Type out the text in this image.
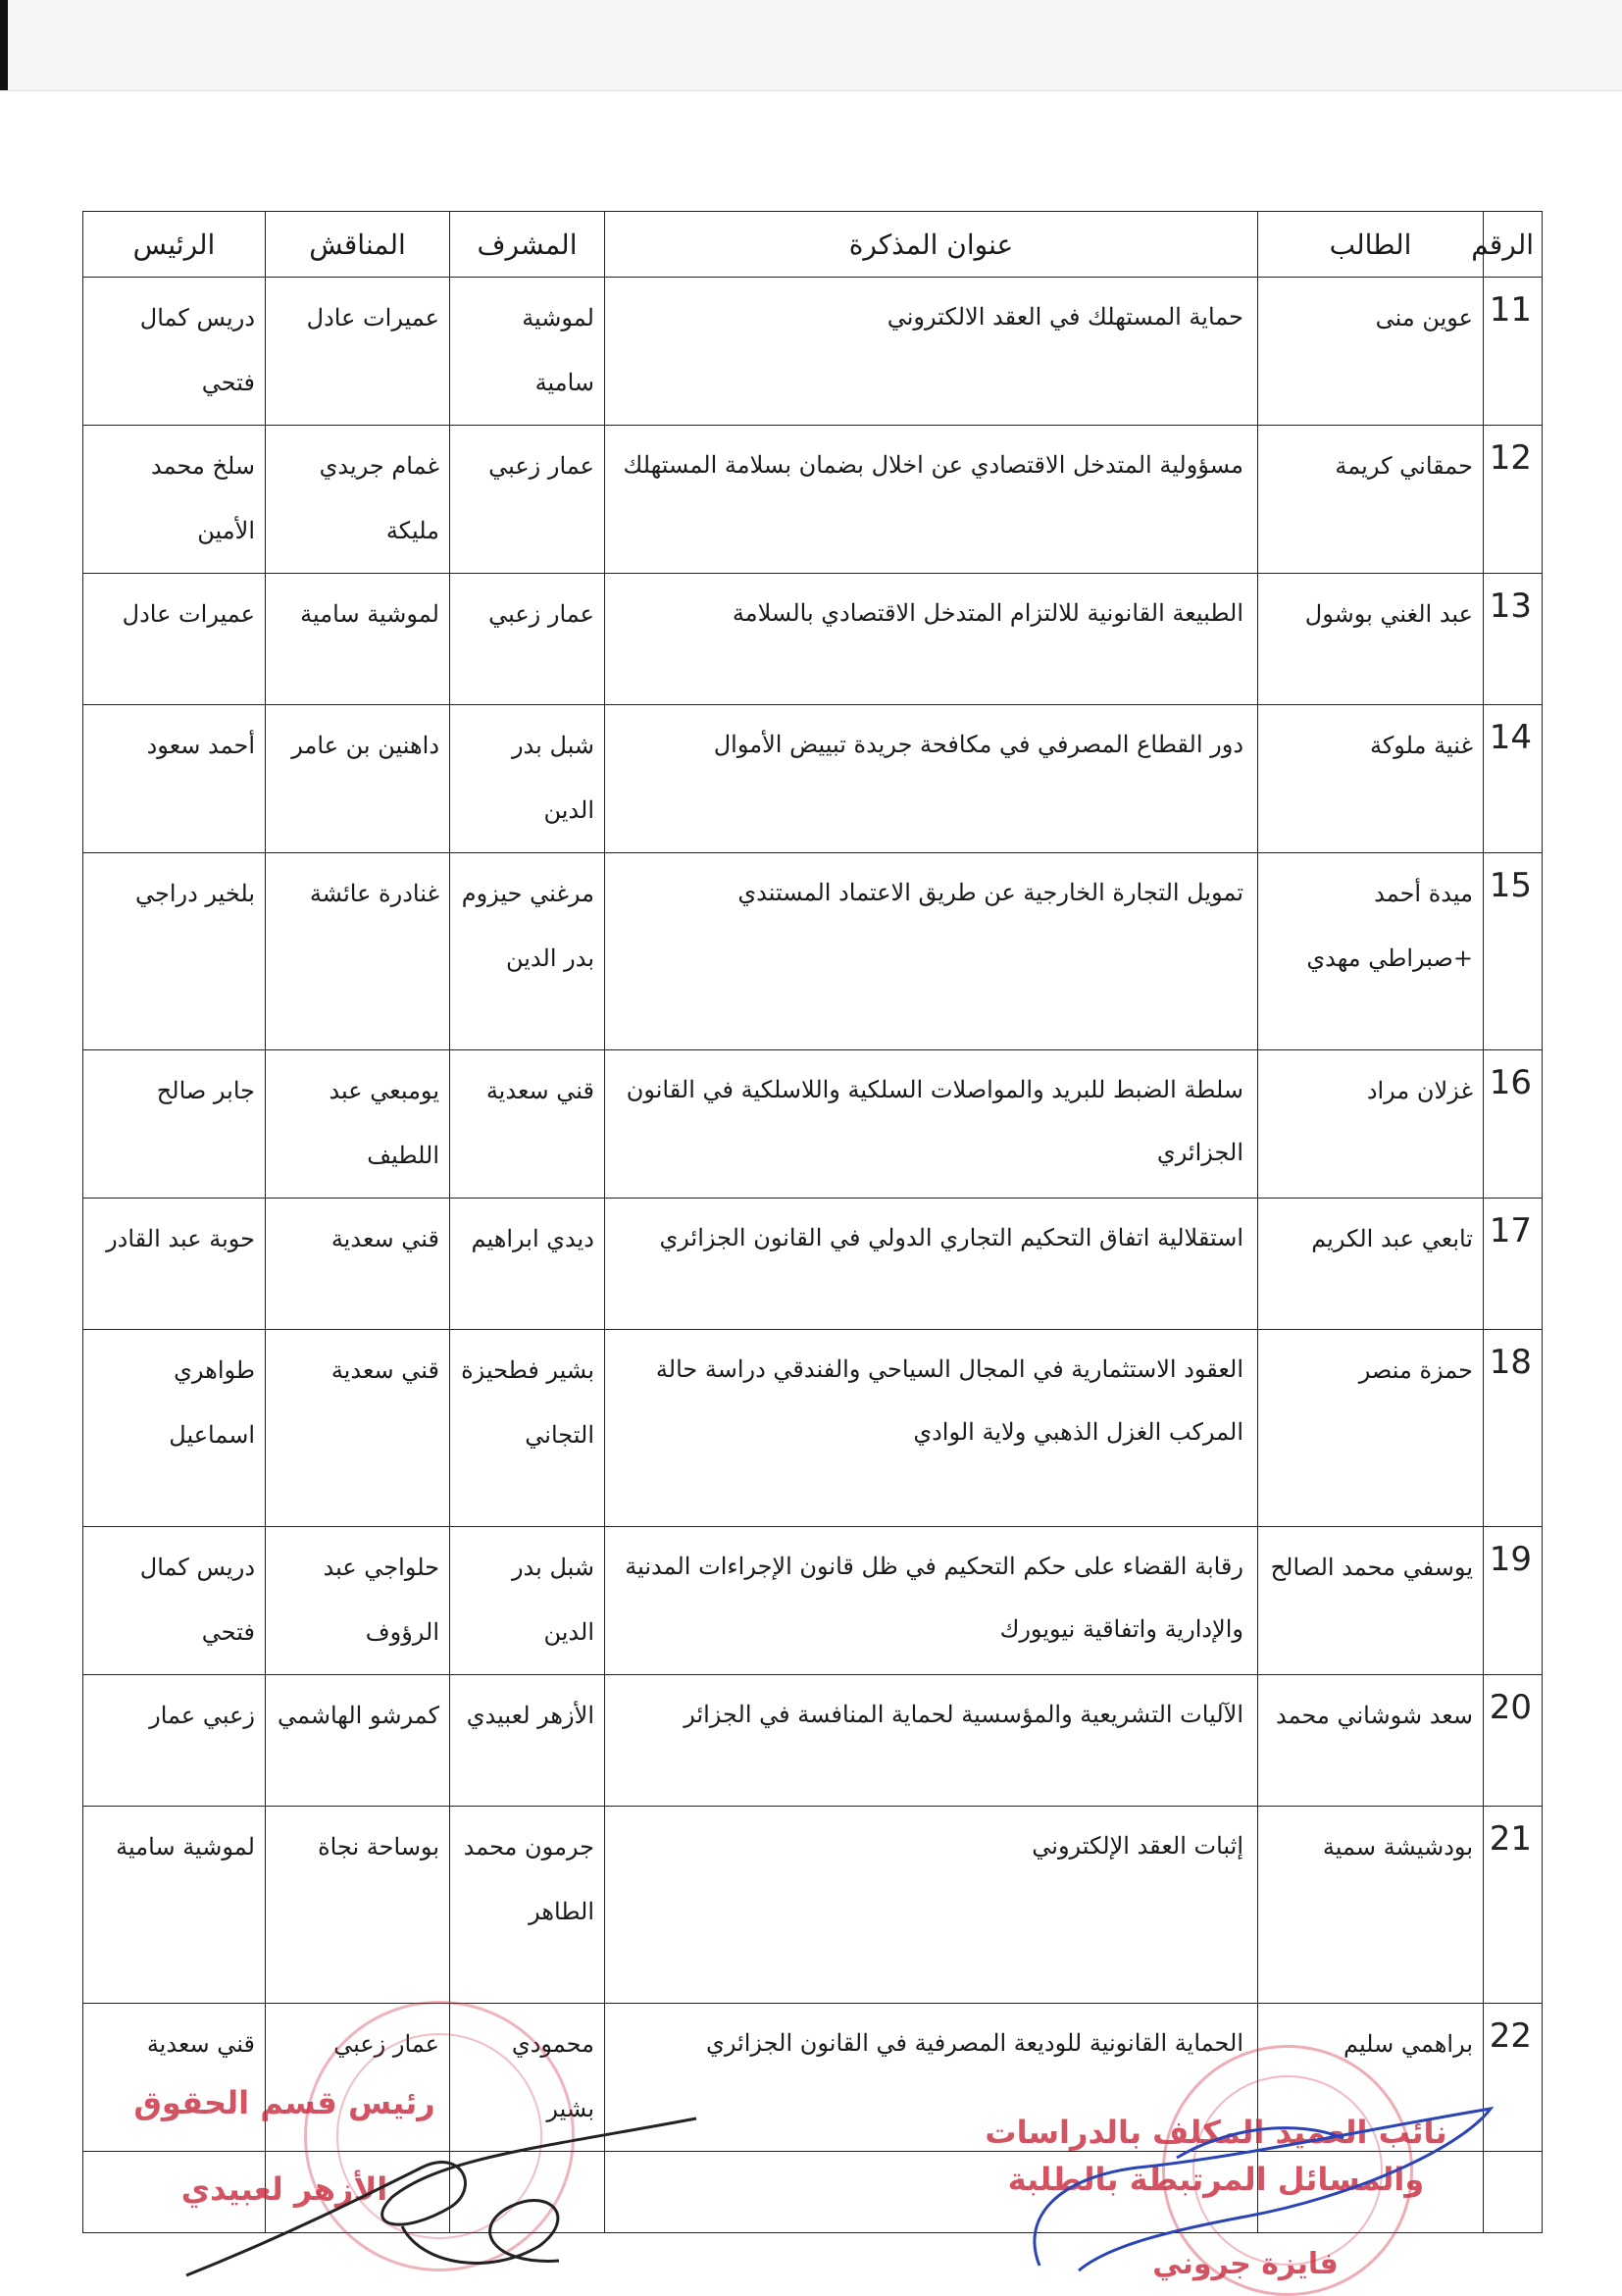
الرقم	الطالب	عنوان المذكرة	المشرف	المناقش	الرئيس
11	عوين منى	حماية المستهلك في العقد الالكتروني	لموشية سامية	عميرات عادل	دريس كمال فتحي
12	حمقاني كريمة	مسؤولية المتدخل الاقتصادي عن اخلال بضمان بسلامة المستهلك	عمار زعبي	غمام جريدي مليكة	سلخ محمد الأمين
13	عبد الغني بوشول	الطبيعة القانونية للالتزام المتدخل الاقتصادي بالسلامة	عمار زعبي	لموشية سامية	عميرات عادل
14	غنية ملوكة	دور القطاع المصرفي في مكافحة جريدة تبييض الأموال	شبل بدر الدين	داهنين بن عامر	أحمد سعود
15	ميدة أحمد +صبراطي مهدي	تمويل التجارة الخارجية عن طريق الاعتماد المستندي	مرغني حيزوم بدر الدين	غنادرة عائشة	بلخير دراجي
16	غزلان مراد	سلطة الضبط للبريد والمواصلات السلكية واللاسلكية في القانون الجزائري	قني سعدية	يومبعي عبد اللطيف	جابر صالح
17	تابعي عبد الكريم	استقلالية اتفاق التحكيم التجاري الدولي في القانون الجزائري	ديدي ابراهيم	قني سعدية	حوبة عبد القادر
18	حمزة منصر	العقود الاستثمارية في المجال السياحي والفندقي دراسة حالة المركب الغزل الذهبي ولاية الوادي	بشير فطحيزة التجاني	قني سعدية	طواهري اسماعيل
19	يوسفي محمد الصالح	رقابة القضاء على حكم التحكيم في ظل قانون الإجراءات المدنية والإدارية واتفاقية نيويورك	شبل بدر الدين	حلواجي عبد الرؤوف	دريس كمال فتحي
20	سعد شوشاني محمد	الآليات التشريعية والمؤسسية لحماية المنافسة في الجزائر	الأزهر لعبيدي	كمرشو الهاشمي	زعبي عمار
21	بودشيشة سمية	إثبات العقد الإلكتروني	جرمون محمد الطاهر	بوساحة نجاة	لموشية سامية
22	براهمي سليم	الحماية القانونية للوديعة المصرفية في القانون الجزائري	محمودي بشير	عمار زعبي	قني سعدية

رئيس قسم الحقوق
الأزهر لعبيدي
نائب العميد المكلف بالدراسات
والمسائل المرتبطة بالطلبة
فايزة جروني
